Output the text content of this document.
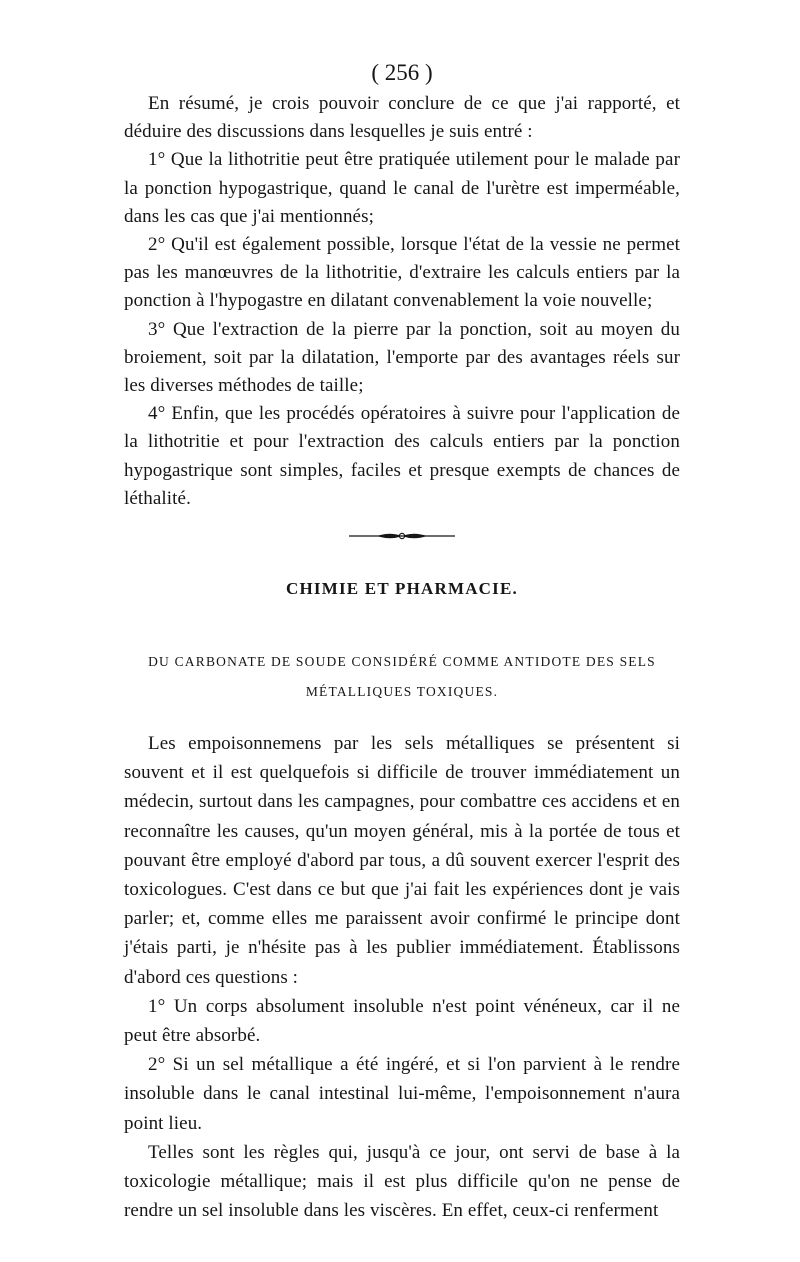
( 256 )

En résumé, je crois pouvoir conclure de ce que j'ai rapporté, et déduire des discussions dans lesquelles je suis entré :

1° Que la lithotritie peut être pratiquée utilement pour le malade par la ponction hypogastrique, quand le canal de l'urètre est imperméable, dans les cas que j'ai mentionnés;

2° Qu'il est également possible, lorsque l'état de la vessie ne permet pas les manœuvres de la lithotritie, d'extraire les calculs entiers par la ponction à l'hypogastre en dilatant convenablement la voie nouvelle;

3° Que l'extraction de la pierre par la ponction, soit au moyen du broiement, soit par la dilatation, l'emporte par des avantages réels sur les diverses méthodes de taille;

4° Enfin, que les procédés opératoires à suivre pour l'application de la lithotritie et pour l'extraction des calculs entiers par la ponction hypogastrique sont simples, faciles et presque exempts de chances de léthalité.

CHIMIE ET PHARMACIE.
DU CARBONATE DE SOUDE CONSIDÉRÉ COMME ANTIDOTE DES SELS
MÉTALLIQUES TOXIQUES.

Les empoisonnemens par les sels métalliques se présentent si souvent et il est quelquefois si difficile de trouver immédiatement un médecin, surtout dans les campagnes, pour combattre ces accidens et en reconnaître les causes, qu'un moyen général, mis à la portée de tous et pouvant être employé d'abord par tous, a dû souvent exercer l'esprit des toxicologues. C'est dans ce but que j'ai fait les expériences dont je vais parler; et, comme elles me paraissent avoir confirmé le principe dont j'étais parti, je n'hésite pas à les publier immédiatement. Établissons d'abord ces questions :

1° Un corps absolument insoluble n'est point vénéneux, car il ne peut être absorbé.

2° Si un sel métallique a été ingéré, et si l'on parvient à le rendre insoluble dans le canal intestinal lui-même, l'empoisonnement n'aura point lieu.

Telles sont les règles qui, jusqu'à ce jour, ont servi de base à la toxicologie métallique; mais il est plus difficile qu'on ne pense de rendre un sel insoluble dans les viscères. En effet, ceux-ci renferment
